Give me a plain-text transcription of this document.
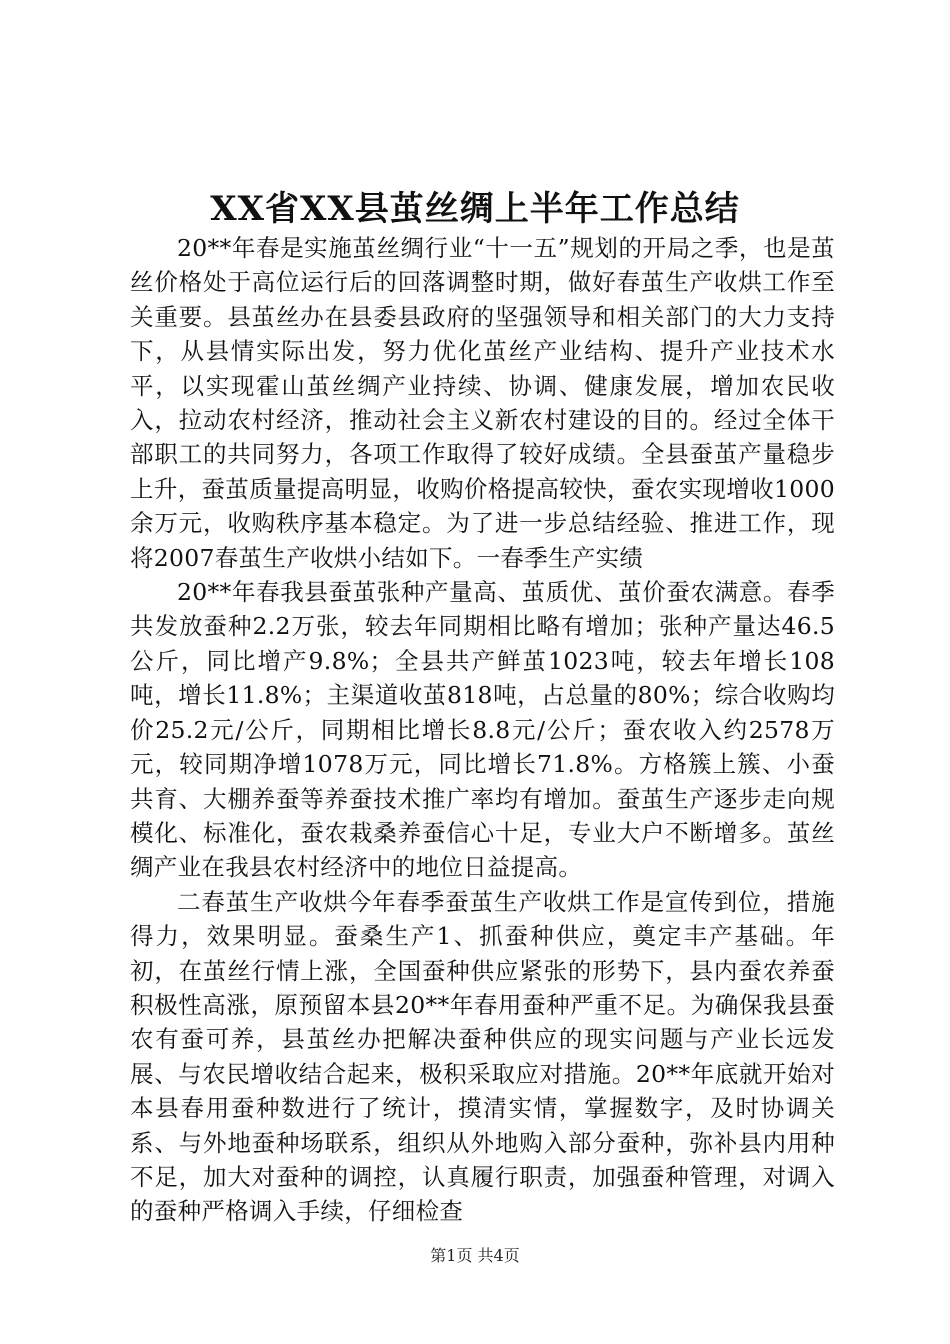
XX省XX县茧丝绸上半年工作总结

20**年春是实施茧丝绸行业“十一五”规划的开局之季，也是茧丝价格处于高位运行后的回落调整时期，做好春茧生产收烘工作至关重要。县茧丝办在县委县政府的坚强领导和相关部门的大力支持下，从县情实际出发，努力优化茧丝产业结构、提升产业技术水平，以实现霍山茧丝绸产业持续、协调、健康发展，增加农民收入，拉动农村经济，推动社会主义新农村建设的目的。经过全体干部职工的共同努力，各项工作取得了较好成绩。全县蚕茧产量稳步上升，蚕茧质量提高明显，收购价格提高较快，蚕农实现增收1000余万元，收购秩序基本稳定。为了进一步总结经验、推进工作，现将2007春茧生产收烘小结如下。一春季生产实绩

20**年春我县蚕茧张种产量高、茧质优、茧价蚕农满意。春季共发放蚕种2.2万张，较去年同期相比略有增加；张种产量达46.5公斤，同比增产9.8%；全县共产鲜茧1023吨，较去年增长108吨，增长11.8%；主渠道收茧818吨，占总量的80%；综合收购均价25.2元/公斤，同期相比增长8.8元/公斤；蚕农收入约2578万元，较同期净增1078万元，同比增长71.8%。方格簇上簇、小蚕共育、大棚养蚕等养蚕技术推广率均有增加。蚕茧生产逐步走向规模化、标准化，蚕农栽桑养蚕信心十足，专业大户不断增多。茧丝绸产业在我县农村经济中的地位日益提高。

二春茧生产收烘今年春季蚕茧生产收烘工作是宣传到位，措施得力，效果明显。蚕桑生产1、抓蚕种供应，奠定丰产基础。年初，在茧丝行情上涨，全国蚕种供应紧张的形势下，县内蚕农养蚕积极性高涨，原预留本县20**年春用蚕种严重不足。为确保我县蚕农有蚕可养，县茧丝办把解决蚕种供应的现实问题与产业长远发展、与农民增收结合起来，极积采取应对措施。20**年底就开始对本县春用蚕种数进行了统计，摸清实情，掌握数字，及时协调关系、与外地蚕种场联系，组织从外地购入部分蚕种，弥补县内用种不足，加大对蚕种的调控，认真履行职责，加强蚕种管理，对调入的蚕种严格调入手续，仔细检查

第1页 共4页
